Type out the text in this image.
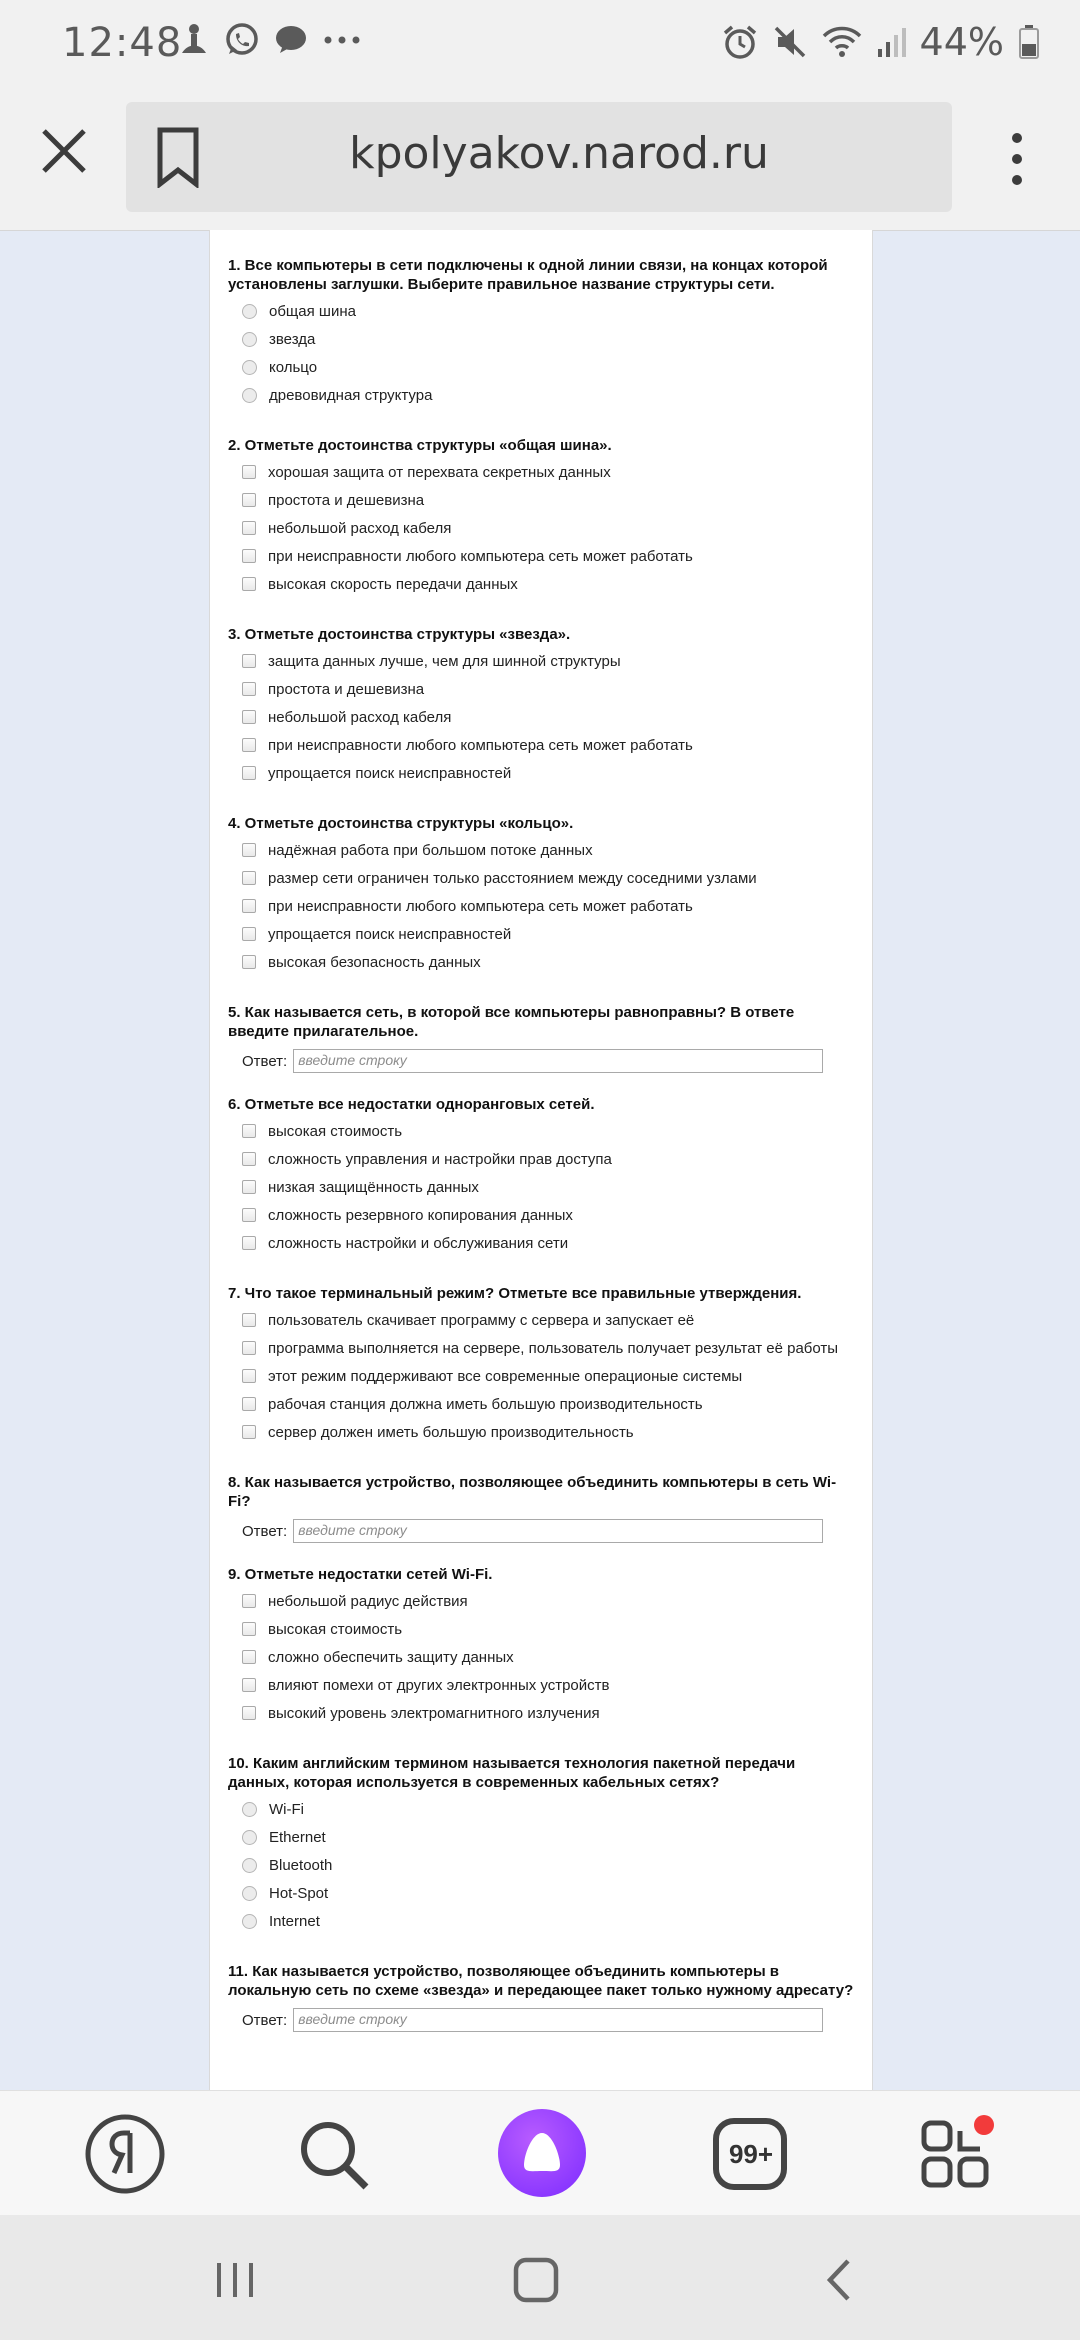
12:48	44%
kpolyakov.narod.ru
1. Все компьютеры в сети подключены к одной линии связи, на концах которой установлены заглушки. Выберите правильное название структуры сети.
общая шина
звезда
кольцо
древовидная структура
2. Отметьте достоинства структуры «общая шина».
хорошая защита от перехвата секретных данных
простота и дешевизна
небольшой расход кабеля
при неисправности любого компьютера сеть может работать
высокая скорость передачи данных
3. Отметьте достоинства структуры «звезда».
защита данных лучше, чем для шинной структуры
простота и дешевизна
небольшой расход кабеля
при неисправности любого компьютера сеть может работать
упрощается поиск неисправностей
4. Отметьте достоинства структуры «кольцо».
надёжная работа при большом потоке данных
размер сети ограничен только расстоянием между соседними узлами
при неисправности любого компьютера сеть может работать
упрощается поиск неисправностей
высокая безопасность данных
5. Как называется сеть, в которой все компьютеры равноправны? В ответе введите прилагательное.
Ответ: введите строку
6. Отметьте все недостатки одноранговых сетей.
высокая стоимость
сложность управления и настройки прав доступа
низкая защищённость данных
сложность резервного копирования данных
сложность настройки и обслуживания сети
7. Что такое терминальный режим? Отметьте все правильные утверждения.
пользователь скачивает программу с сервера и запускает её
программа выполняется на сервере, пользователь получает результат её работы
этот режим поддерживают все современные операционые системы
рабочая станция должна иметь большую производительность
сервер должен иметь большую производительность
8. Как называется устройство, позволяющее объединить компьютеры в сеть Wi-Fi?
Ответ: введите строку
9. Отметьте недостатки сетей Wi-Fi.
небольшой радиус действия
высокая стоимость
сложно обеспечить защиту данных
влияют помехи от других электронных устройств
высокий уровень электромагнитного излучения
10. Каким английским термином называется технология пакетной передачи данных, которая используется в современных кабельных сетях?
Wi-Fi
Ethernet
Bluetooth
Hot-Spot
Internet
11. Как называется устройство, позволяющее объединить компьютеры в локальную сеть по схеме «звезда» и передающее пакет только нужному адресату?
Ответ: введите строку
99+
